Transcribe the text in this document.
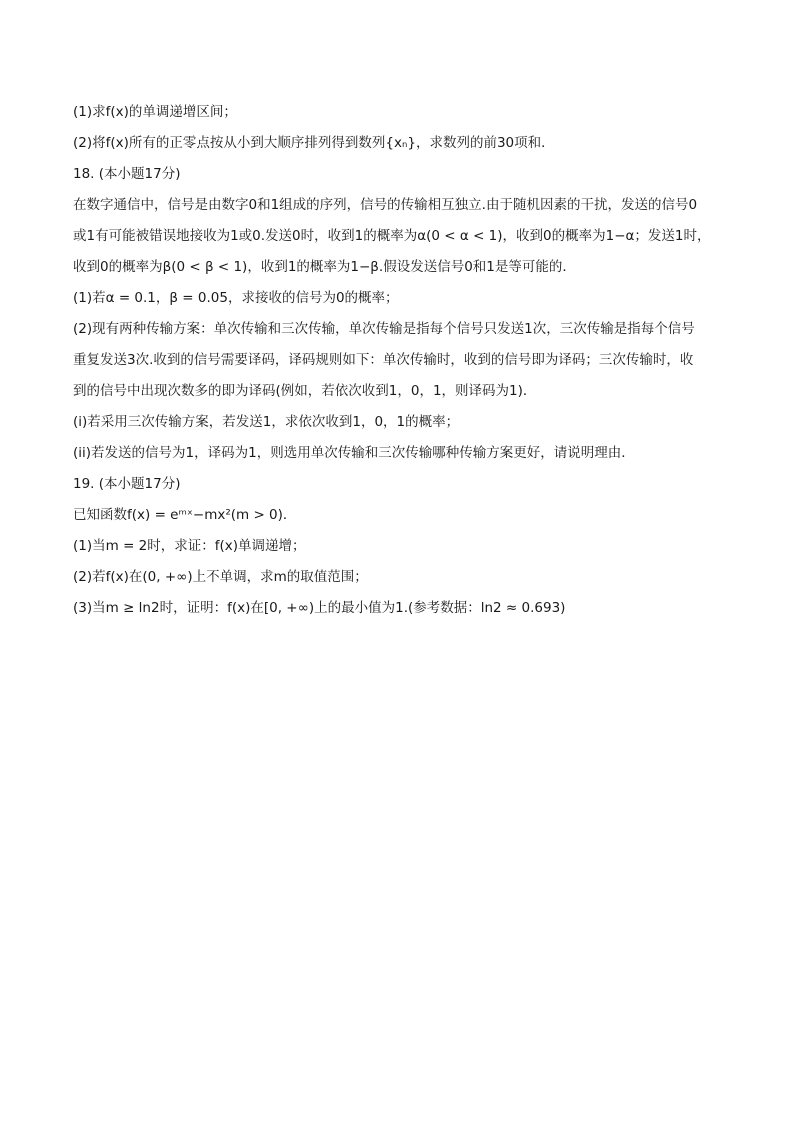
(1)求f(x)的单调递增区间；
(2)将f(x)所有的正零点按从小到大顺序排列得到数列{xₙ}，求数列的前30项和．
18. (本小题17分)
在数字通信中，信号是由数字0和1组成的序列，信号的传输相互独立.由于随机因素的干扰，发送的信号0
或1有可能被错误地接收为1或0.发送0时，收到1的概率为α(0 < α < 1)，收到0的概率为1−α；发送1时，
收到0的概率为β(0 < β < 1)，收到1的概率为1−β.假设发送信号0和1是等可能的．
(1)若α = 0.1，β = 0.05，求接收的信号为0的概率；
(2)现有两种传输方案：单次传输和三次传输，单次传输是指每个信号只发送1次，三次传输是指每个信号
重复发送3次.收到的信号需要译码，译码规则如下：单次传输时，收到的信号即为译码；三次传输时，收
到的信号中出现次数多的即为译码(例如，若依次收到1，0，1，则译码为1)．
(i)若采用三次传输方案，若发送1，求依次收到1，0，1的概率；
(ii)若发送的信号为1，译码为1，则选用单次传输和三次传输哪种传输方案更好，请说明理由．
19. (本小题17分)
已知函数f(x) = eᵐˣ−mx²(m > 0)．
(1)当m = 2时，求证：f(x)单调递增；
(2)若f(x)在(0, +∞)上不单调，求m的取值范围；
(3)当m ≥ ln2时，证明：f(x)在[0, +∞)上的最小值为1.(参考数据：ln2 ≈ 0.693)
